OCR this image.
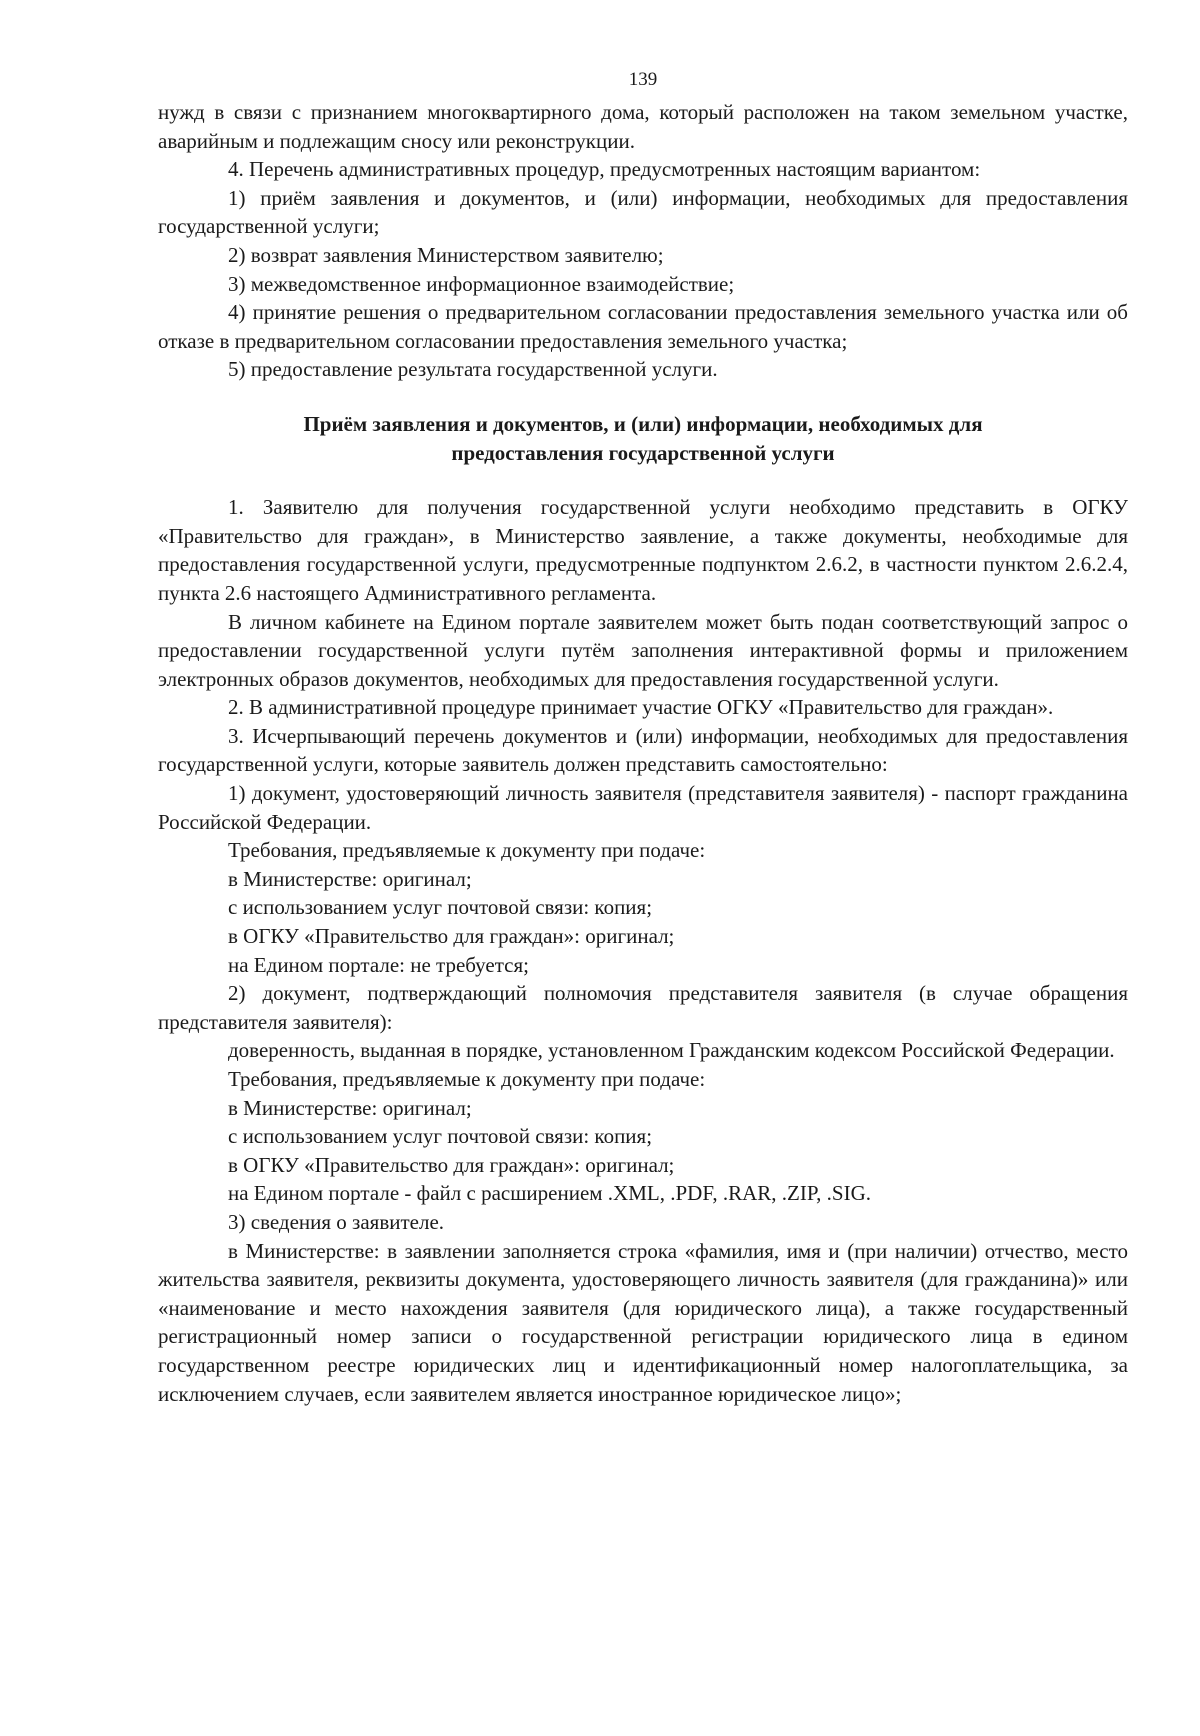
139

нужд в связи с признанием многоквартирного дома, который расположен на таком земельном участке, аварийным и подлежащим сносу или реконструкции.

4. Перечень административных процедур, предусмотренных настоящим вариантом:

1) приём заявления и документов, и (или) информации, необходимых для предоставления государственной услуги;

2) возврат заявления Министерством заявителю;

3) межведомственное информационное взаимодействие;

4) принятие решения о предварительном согласовании предоставления земельного участка или об отказе в предварительном согласовании предоставления земельного участка;

5) предоставление результата государственной услуги.

Приём заявления и документов, и (или) информации, необходимых для
предоставления государственной услуги

1. Заявителю для получения государственной услуги необходимо представить в ОГКУ «Правительство для граждан», в Министерство заявление, а также документы, необходимые для предоставления государственной услуги, предусмотренные подпунктом 2.6.2, в частности пунктом 2.6.2.4, пункта 2.6 настоящего Административного регламента.

В личном кабинете на Едином портале заявителем может быть подан соответствующий запрос о предоставлении государственной услуги путём заполнения интерактивной формы и приложением электронных образов документов, необходимых для предоставления государственной услуги.

2. В административной процедуре принимает участие ОГКУ «Правительство для граждан».

3. Исчерпывающий перечень документов и (или) информации, необходимых для предоставления государственной услуги, которые заявитель должен представить самостоятельно:

1) документ, удостоверяющий личность заявителя (представителя заявителя) - паспорт гражданина Российской Федерации.

Требования, предъявляемые к документу при подаче:

в Министерстве: оригинал;

с использованием услуг почтовой связи: копия;

в ОГКУ «Правительство для граждан»: оригинал;

на Едином портале: не требуется;

2) документ, подтверждающий полномочия представителя заявителя (в случае обращения представителя заявителя):

доверенность, выданная в порядке, установленном Гражданским кодексом Российской Федерации.

Требования, предъявляемые к документу при подаче:

в Министерстве: оригинал;

с использованием услуг почтовой связи: копия;

в ОГКУ «Правительство для граждан»: оригинал;

на Едином портале - файл с расширением .XML, .PDF, .RAR, .ZIP, .SIG.

3) сведения о заявителе.

в Министерстве: в заявлении заполняется строка «фамилия, имя и (при наличии) отчество, место жительства заявителя, реквизиты документа, удостоверяющего личность заявителя (для гражданина)» или «наименование и место нахождения заявителя (для юридического лица), а также государственный регистрационный номер записи о государственной регистрации юридического лица в едином государственном реестре юридических лиц и идентификационный номер налогоплательщика, за исключением случаев, если заявителем является иностранное юридическое лицо»;
